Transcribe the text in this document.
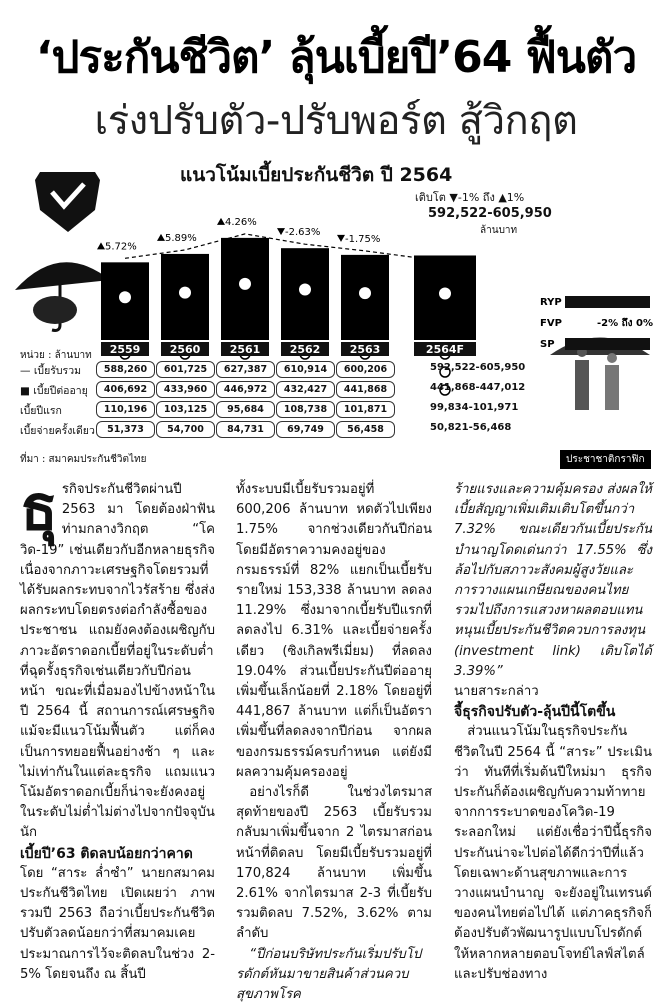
‘ประกันชีวิต’ ลุ้นเบี้ยปี’64 ฟื้นตัว
เร่งปรับตัว-ปรับพอร์ต สู้วิกฤต
แนวโน้มเบี้ยประกันชีวิต ปี 2564
เติบโต ▼-1% ถึง ▲1%
592,522-605,950
ล้านบาท
2559	2560	2561	2562	2563	2564F
5.72%
5.89%
4.26%
-2.63%
-1.75%
RYP
FVP
SP
-2% ถึง 0%
หน่วย : ล้านบาท
— เบี้ยรับรวม	588,260	601,725	627,387	610,914	600,206	592,522-605,950
■ เบี้ยปีต่ออายุ	406,692	433,960	446,972	432,427	441,868	441,868-447,012
เบี้ยปีแรก	110,196	103,125	95,684	108,738	101,871	99,834-101,971
เบี้ยจ่ายครั้งเดียว	51,373	54,700	84,731	69,749	56,458	50,821-56,468
ที่มา : สมาคมประกันชีวิตไทย	ประชาชาติกราฟิก

ธุรกิจประกันชีวิตผ่านปี 2563 มา โดยต้องฝ่าฟันท่ามกลางวิกฤต “โควิด-19” เช่นเดียวกับอีกหลายธุรกิจ เนื่องจากภาวะเศรษฐกิจโดยรวมที่ได้รับผลกระทบจากไวรัสร้าย ซึ่งส่งผลกระทบโดยตรงต่อกำลังซื้อของประชาชน แถมยังคงต้องเผชิญกับภาวะอัตราดอกเบี้ยที่อยู่ในระดับต่ำที่ฉุดรั้งธุรกิจเช่นเดียวกับปีก่อนหน้า ขณะที่เมื่อมองไปข้างหน้าในปี 2564 นี้ สถานการณ์เศรษฐกิจแม้จะมีแนวโน้มฟื้นตัว แต่ก็คงเป็นการทยอยฟื้นอย่างช้า ๆ และไม่เท่ากันในแต่ละธุรกิจ แถมแนวโน้มอัตราดอกเบี้ยก็น่าจะยังคงอยู่ในระดับไม่ต่ำไม่ต่างไปจากปัจจุบันนัก

เบี้ยปี’63 ติดลบน้อยกว่าคาด

โดย “สาระ ล่ำซำ” นายกสมาคมประกันชีวิตไทย เปิดเผยว่า ภาพรวมปี 2563 ถือว่าเบี้ยประกันชีวิตปรับตัวลดน้อยกว่าที่สมาคมเคยประมาณการไว้จะติดลบในช่วง 2-5% โดยจนถึง ณ สิ้นปี

ทั้งระบบมีเบี้ยรับรวมอยู่ที่ 600,206 ล้านบาท หดตัวไปเพียง 1.75% จากช่วงเดียวกันปีก่อน โดยมีอัตราความคงอยู่ของกรมธรรม์ที่ 82% แยกเป็นเบี้ยรับรายใหม่ 153,338 ล้านบาท ลดลง 11.29% ซึ่งมาจากเบี้ยรับปีแรกที่ลดลงไป 6.31% และเบี้ยจ่ายครั้งเดียว (ซิงเกิลพรีเมี่ยม) ที่ลดลง 19.04% ส่วนเบี้ยประกันปีต่ออายุ เพิ่มขึ้นเล็กน้อยที่ 2.18% โดยอยู่ที่ 441,867 ล้านบาท แต่ก็เป็นอัตราเพิ่มขึ้นที่ลดลงจากปีก่อน จากผลของกรมธรรม์ครบกำหนด แต่ยังมีผลความคุ้มครองอยู่

อย่างไรก็ดี ในช่วงไตรมาสสุดท้ายของปี 2563 เบี้ยรับรวมกลับมาเพิ่มขึ้นจาก 2 ไตรมาสก่อนหน้าที่ติดลบ โดยมีเบี้ยรับรวมอยู่ที่ 170,824 ล้านบาท เพิ่มขึ้น 2.61% จากไตรมาส 2-3 ที่เบี้ยรับรวมติดลบ 7.52%, 3.62% ตามลำดับ

“ปีก่อนบริษัทประกันเริ่มปรับโปรดักต์หันมาขายสินค้าส่วนควบสุขภาพโรค

ร้ายแรงและความคุ้มครอง ส่งผลให้เบี้ยสัญญาเพิ่มเติมเติบโตขึ้นกว่า 7.32% ขณะเดียวกันเบี้ยประกันบำนาญโดดเด่นกว่า 17.55% ซึ่งล้อไปกับสภาวะสังคมผู้สูงวัยและการวางแผนเกษียณของคนไทย รวมไปถึงการแสวงหาผลตอบแทนหนุนเบี้ยประกันชีวิตควบการลงทุน (investment link) เติบโตได้ 3.39%”

นายสาระกล่าว

จี้ธุรกิจปรับตัว-ลุ้นปีนี้โตขึ้น

ส่วนแนวโน้มในธุรกิจประกันชีวิตในปี 2564 นี้ “สาระ” ประเมินว่า ทันทีที่เริ่มต้นปีใหม่มา ธุรกิจประกันก็ต้องเผชิญกับความท้าทายจากการระบาดของโควิด-19 ระลอกใหม่ แต่ยังเชื่อว่าปีนี้ธุรกิจประกันน่าจะไปต่อได้ดีกว่าปีที่แล้ว โดยเฉพาะด้านสุขภาพและการวางแผนบำนาญ จะยังอยู่ในเทรนด์ของคนไทยต่อไปได้ แต่ภาคธุรกิจก็ต้องปรับตัวพัฒนารูปแบบโปรดักต์ให้หลากหลายตอบโจทย์ไลฟ์สไตล์ และปรับช่องทาง
